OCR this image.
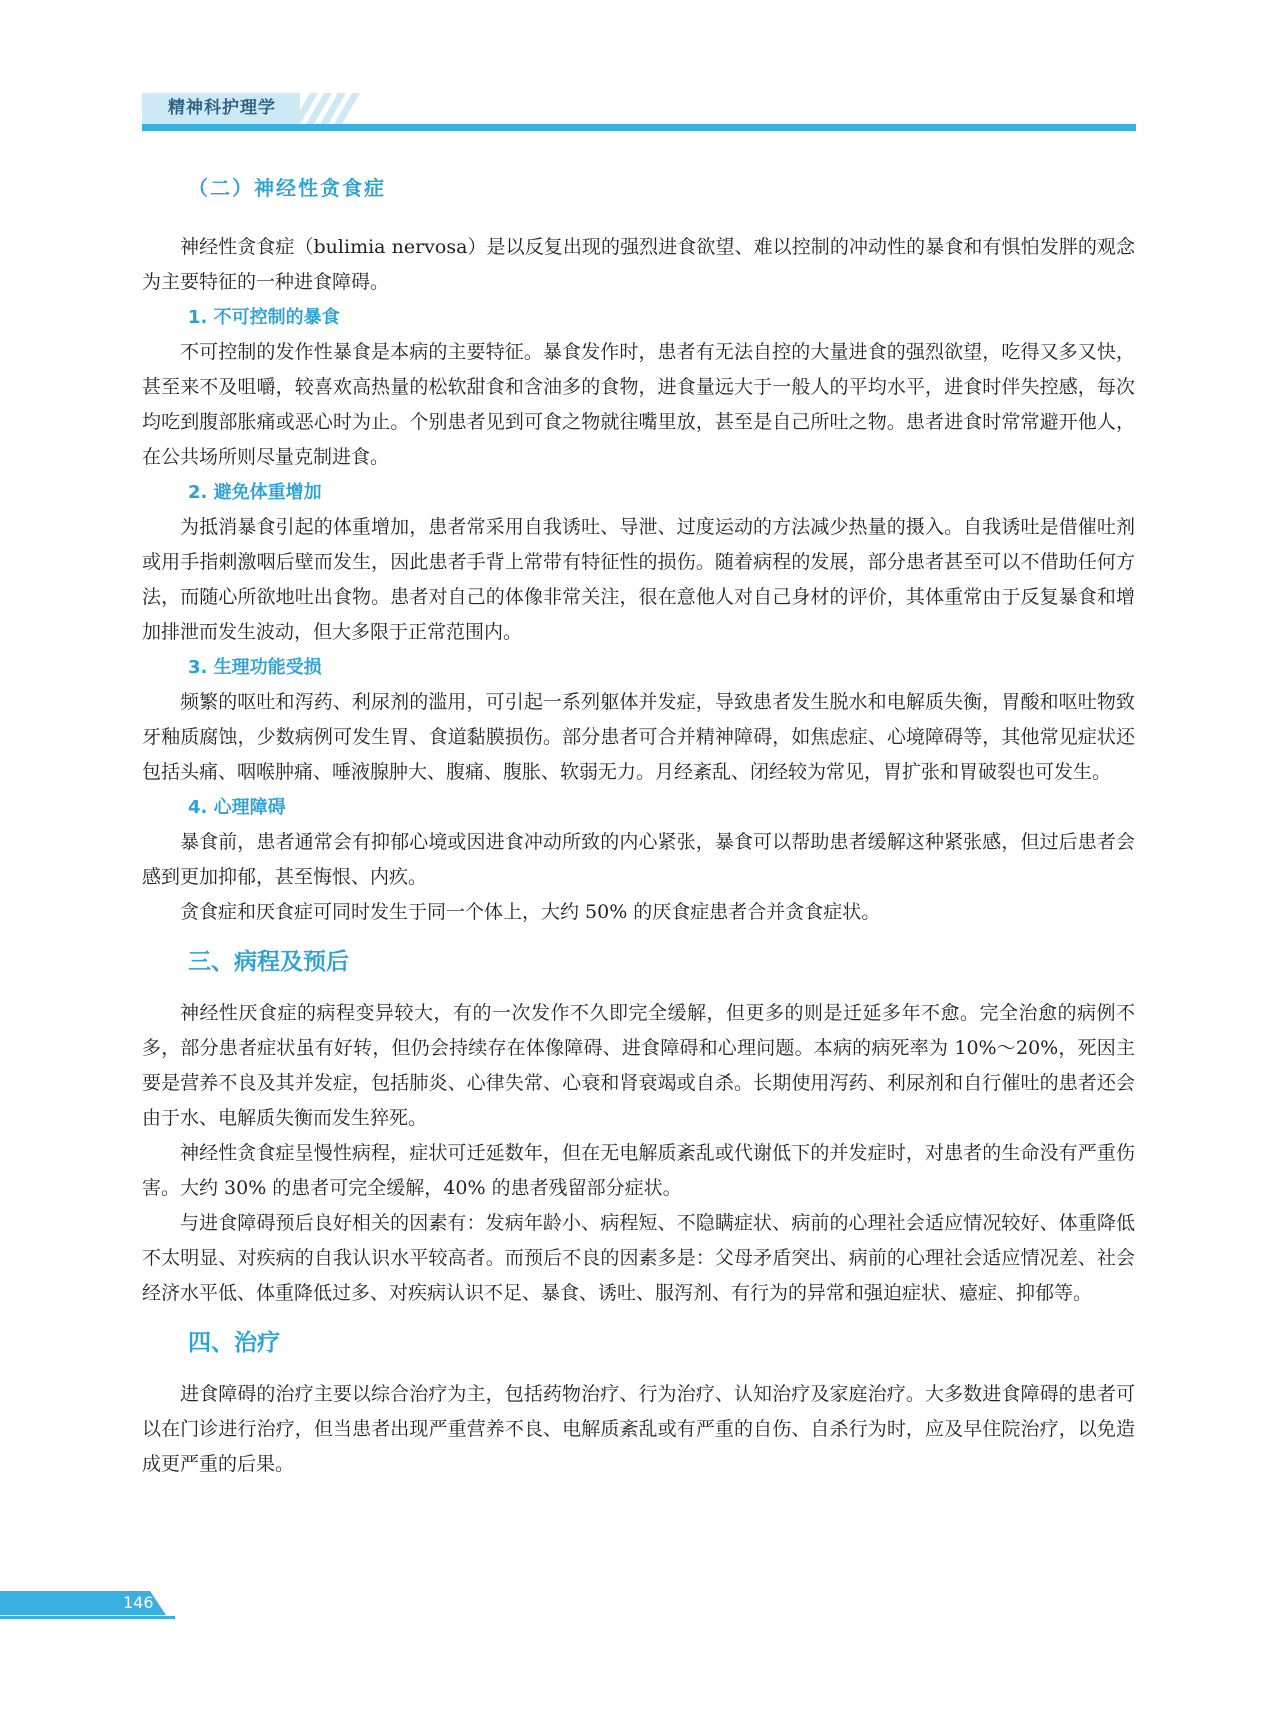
精神科护理学
（二）神经性贪食症

神经性贪食症（bulimia nervosa）是以反复出现的强烈进食欲望、难以控制的冲动性的暴食和有惧怕发胖的观念为主要特征的一种进食障碍。

1. 不可控制的暴食

不可控制的发作性暴食是本病的主要特征。暴食发作时，患者有无法自控的大量进食的强烈欲望，吃得又多又快，甚至来不及咀嚼，较喜欢高热量的松软甜食和含油多的食物，进食量远大于一般人的平均水平，进食时伴失控感，每次均吃到腹部胀痛或恶心时为止。个别患者见到可食之物就往嘴里放，甚至是自己所吐之物。患者进食时常常避开他人，在公共场所则尽量克制进食。

2. 避免体重增加

为抵消暴食引起的体重增加，患者常采用自我诱吐、导泄、过度运动的方法减少热量的摄入。自我诱吐是借催吐剂或用手指刺激咽后壁而发生，因此患者手背上常带有特征性的损伤。随着病程的发展，部分患者甚至可以不借助任何方法，而随心所欲地吐出食物。患者对自己的体像非常关注，很在意他人对自己身材的评价，其体重常由于反复暴食和增加排泄而发生波动，但大多限于正常范围内。

3. 生理功能受损

频繁的呕吐和泻药、利尿剂的滥用，可引起一系列躯体并发症，导致患者发生脱水和电解质失衡，胃酸和呕吐物致牙釉质腐蚀，少数病例可发生胃、食道黏膜损伤。部分患者可合并精神障碍，如焦虑症、心境障碍等，其他常见症状还包括头痛、咽喉肿痛、唾液腺肿大、腹痛、腹胀、软弱无力。月经紊乱、闭经较为常见，胃扩张和胃破裂也可发生。

4. 心理障碍

暴食前，患者通常会有抑郁心境或因进食冲动所致的内心紧张，暴食可以帮助患者缓解这种紧张感，但过后患者会感到更加抑郁，甚至悔恨、内疚。

贪食症和厌食症可同时发生于同一个体上，大约 50% 的厌食症患者合并贪食症状。

三、病程及预后

神经性厌食症的病程变异较大，有的一次发作不久即完全缓解，但更多的则是迁延多年不愈。完全治愈的病例不多，部分患者症状虽有好转，但仍会持续存在体像障碍、进食障碍和心理问题。本病的病死率为 10%～20%，死因主要是营养不良及其并发症，包括肺炎、心律失常、心衰和肾衰竭或自杀。长期使用泻药、利尿剂和自行催吐的患者还会由于水、电解质失衡而发生猝死。

神经性贪食症呈慢性病程，症状可迁延数年，但在无电解质紊乱或代谢低下的并发症时，对患者的生命没有严重伤害。大约 30% 的患者可完全缓解，40% 的患者残留部分症状。

与进食障碍预后良好相关的因素有：发病年龄小、病程短、不隐瞒症状、病前的心理社会适应情况较好、体重降低不太明显、对疾病的自我认识水平较高者。而预后不良的因素多是：父母矛盾突出、病前的心理社会适应情况差、社会经济水平低、体重降低过多、对疾病认识不足、暴食、诱吐、服泻剂、有行为的异常和强迫症状、癔症、抑郁等。

四、治疗

进食障碍的治疗主要以综合治疗为主，包括药物治疗、行为治疗、认知治疗及家庭治疗。大多数进食障碍的患者可以在门诊进行治疗，但当患者出现严重营养不良、电解质紊乱或有严重的自伤、自杀行为时，应及早住院治疗，以免造成更严重的后果。

146
